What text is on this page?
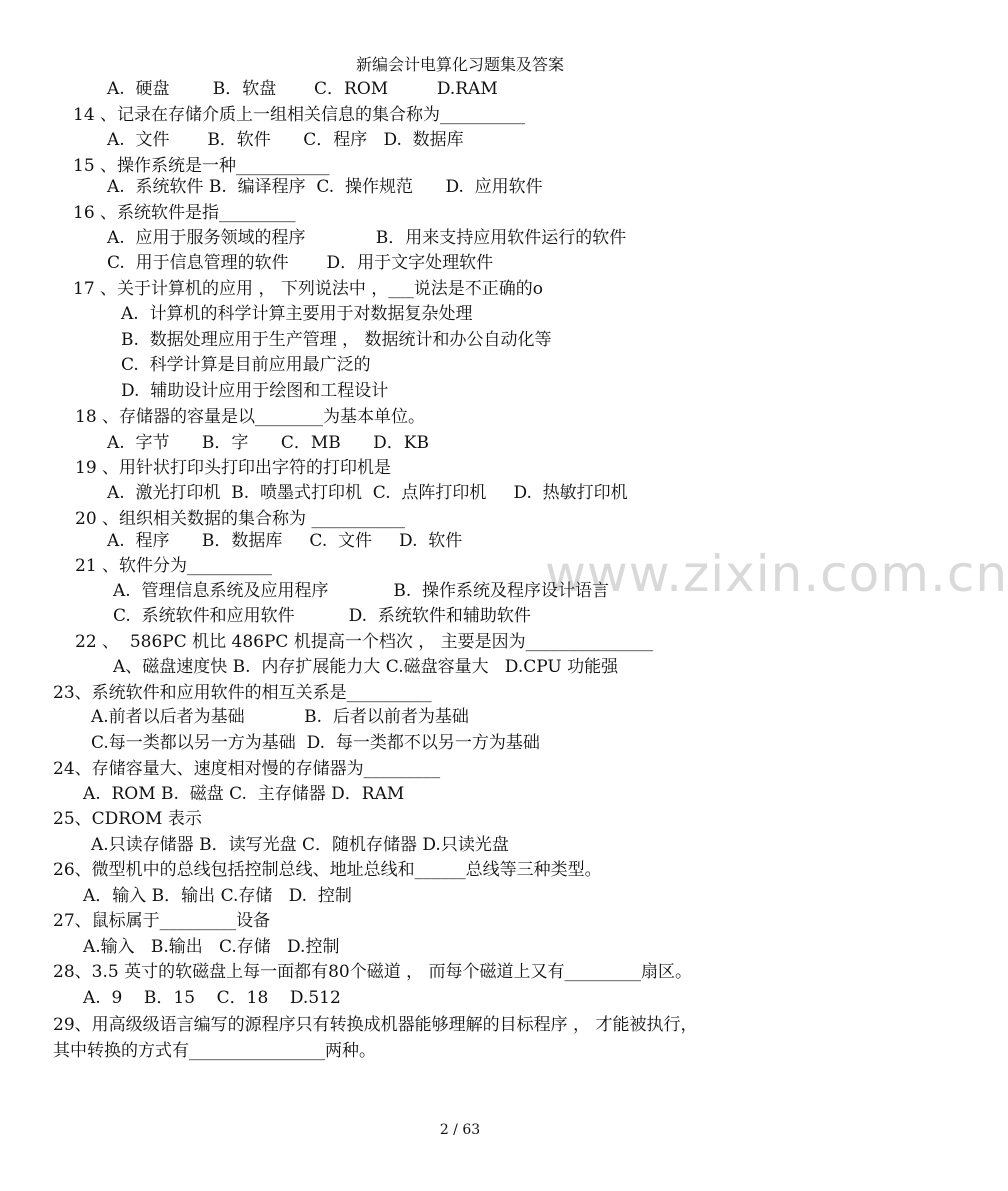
新编会计电算化习题集及答案
www.zixin.com.cn
A.  硬盘        B．软盘       C．ROM         D.RAM
14 、记录在存储介质上一组相关信息的集合称为__________
A.  文件       B．软件      C．程序   D.  数据库
15 、操作系统是一种___________
A.  系统软件 B.  编译程序  C.  操作规范      D.  应用软件
16 、系统软件是指_________
A.  应用于服务领域的程序             B．用来支持应用软件运行的软件
C.  用于信息管理的软件       D．用于文字处理软件
17 、关于计算机的应用 ， 下列说法中 ，___说法是不正确的o
A.  计算机的科学计算主要用于对数据复杂处理
B.  数据处理应用于生产管理 ， 数据统计和办公自动化等
C.  科学计算是目前应用最广泛的
D.  辅助设计应用于绘图和工程设计
18 、存储器的容量是以________为基本单位。
A.  字节      B．字      C．MB      D．KB
19 、用针状打印头打印出字符的打印机是
A.  激光打印机  B.  喷墨式打印机  C.  点阵打印机     D.  热敏打印机
20 、组织相关数据的集合称为 ___________
A.  程序      B．数据库     C.  文件     D.  软件
21 、软件分为__________
A.  管理信息系统及应用程序            B.  操作系统及程序设计语言
C.  系统软件和应用软件          D.  系统软件和辅助软件
22 、  586PC 机比 486PC 机提高一个档次 ， 主要是因为_______________
A、磁盘速度快 B.  内存扩展能力大 C.磁盘容量大   D.CPU 功能强
23、系统软件和应用软件的相互关系是__________
A.前者以后者为基础           B.  后者以前者为基础
C.每一类都以另一方为基础  D.  每一类都不以另一方为基础
24、存储容量大、速度相对慢的存储器为_________
A.  ROM B.  磁盘 C.  主存储器 D．RAM
25、CDROM 表示
A.只读存储器 B．读写光盘 C．随机存储器 D.只读光盘
26、微型机中的总线包括控制总线、地址总线和______总线等三种类型。
A．输入 B．输出 C.存储   D.  控制
27、鼠标属于_________设备
A.输入   B.输出   C.存储   D.控制
28、3.5 英寸的软磁盘上每一面都有80个磁道 ， 而每个磁道上又有_________扇区。
A.  9    B．15    C．18    D.512
29、用高级级语言编写的源程序只有转换成机器能够理解的目标程序 ， 才能被执行，
其中转换的方式有________________两种。
2 / 63
